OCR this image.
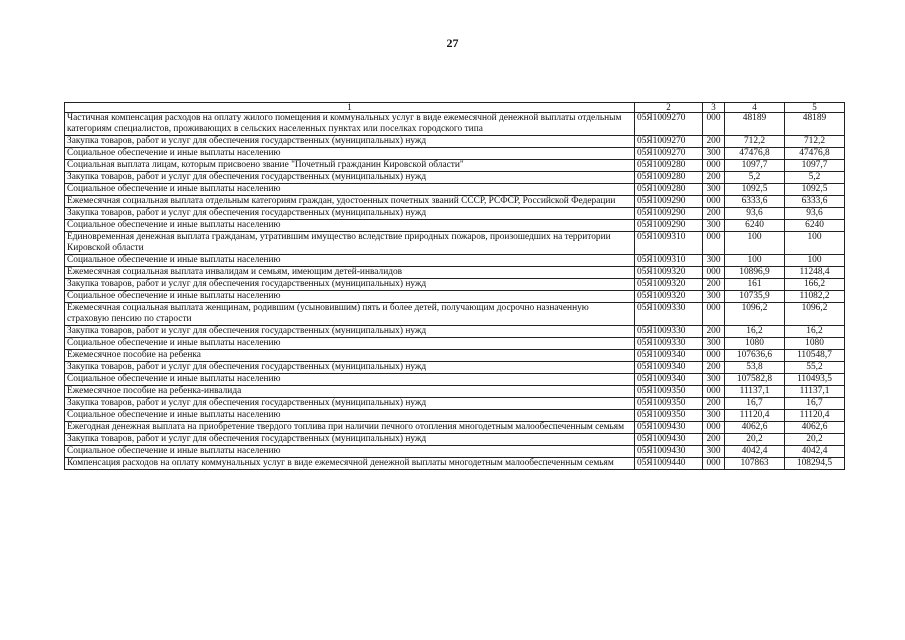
27
1	2	3	4	5
Частичная компенсация расходов на оплату жилого помещения и коммунальных услуг в виде ежемесячной денежной выплаты отдельным категориям специалистов, проживающих в сельских населенных пунктах или поселках городского типа	05Я1009270	000	48189	48189
Закупка товаров, работ и услуг для обеспечения государственных (муниципальных) нужд	05Я1009270	200	712,2	712,2
Социальное обеспечение и иные выплаты населению	05Я1009270	300	47476,8	47476,8
Социальная выплата лицам, которым присвоено звание "Почетный гражданин Кировской области"	05Я1009280	000	1097,7	1097,7
Закупка товаров, работ и услуг для обеспечения государственных (муниципальных) нужд	05Я1009280	200	5,2	5,2
Социальное обеспечение и иные выплаты населению	05Я1009280	300	1092,5	1092,5
Ежемесячная социальная выплата отдельным категориям граждан, удостоенных почетных званий СССР, РСФСР, Российской Федерации	05Я1009290	000	6333,6	6333,6
Закупка товаров, работ и услуг для обеспечения государственных (муниципальных) нужд	05Я1009290	200	93,6	93,6
Социальное обеспечение и иные выплаты населению	05Я1009290	300	6240	6240
Единовременная денежная выплата гражданам, утратившим имущество вследствие природных пожаров, произошедших на территории Кировской области	05Я1009310	000	100	100
Социальное обеспечение и иные выплаты населению	05Я1009310	300	100	100
Ежемесячная социальная выплата инвалидам и семьям, имеющим детей-инвалидов	05Я1009320	000	10896,9	11248,4
Закупка товаров, работ и услуг для обеспечения государственных (муниципальных) нужд	05Я1009320	200	161	166,2
Социальное обеспечение и иные выплаты населению	05Я1009320	300	10735,9	11082,2
Ежемесячная социальная выплата женщинам, родившим (усыновившим) пять и более детей, получающим досрочно назначенную страховую пенсию по старости	05Я1009330	000	1096,2	1096,2
Закупка товаров, работ и услуг для обеспечения государственных (муниципальных) нужд	05Я1009330	200	16,2	16,2
Социальное обеспечение и иные выплаты населению	05Я1009330	300	1080	1080
Ежемесячное пособие на ребенка	05Я1009340	000	107636,6	110548,7
Закупка товаров, работ и услуг для обеспечения государственных (муниципальных) нужд	05Я1009340	200	53,8	55,2
Социальное обеспечение и иные выплаты населению	05Я1009340	300	107582,8	110493,5
Ежемесячное пособие на ребенка-инвалида	05Я1009350	000	11137,1	11137,1
Закупка товаров, работ и услуг для обеспечения государственных (муниципальных) нужд	05Я1009350	200	16,7	16,7
Социальное обеспечение и иные выплаты населению	05Я1009350	300	11120,4	11120,4
Ежегодная денежная выплата на приобретение твердого топлива при наличии печного отопления многодетным малообеспеченным семьям	05Я1009430	000	4062,6	4062,6
Закупка товаров, работ и услуг для обеспечения государственных (муниципальных) нужд	05Я1009430	200	20,2	20,2
Социальное обеспечение и иные выплаты населению	05Я1009430	300	4042,4	4042,4
Компенсация расходов на оплату коммунальных услуг в виде ежемесячной денежной выплаты многодетным малообеспеченным семьям	05Я1009440	000	107863	108294,5
